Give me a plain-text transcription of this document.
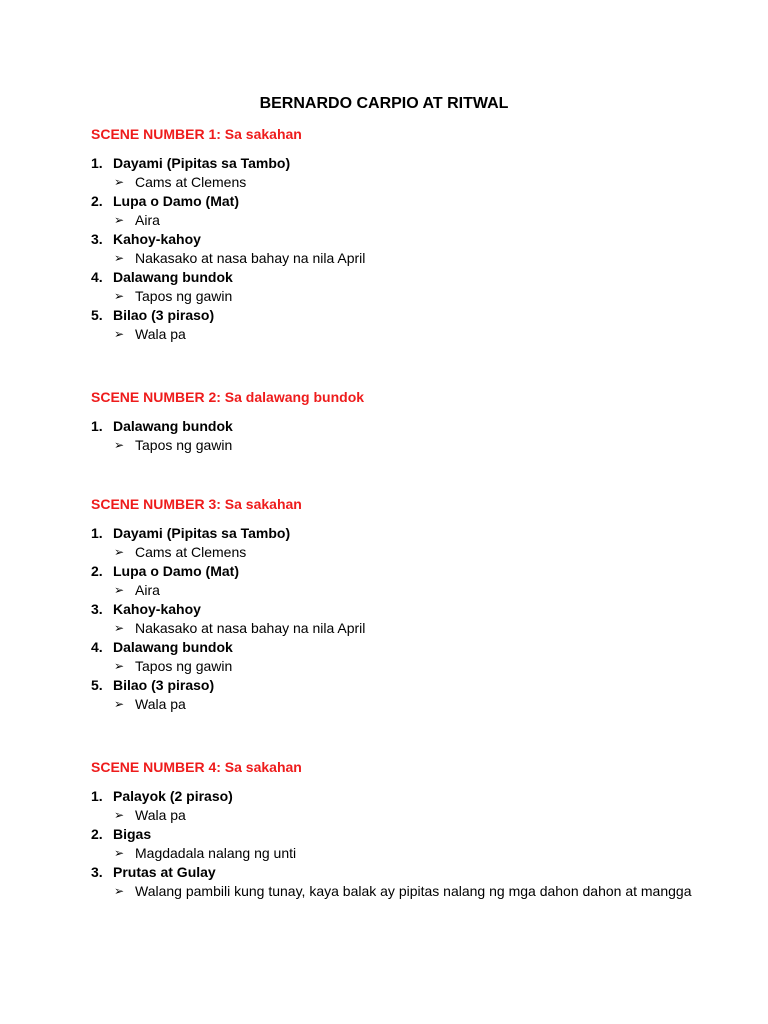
BERNARDO CARPIO AT RITWAL
SCENE NUMBER 1: Sa sakahan
1. Dayami (Pipitas sa Tambo)
➢ Cams at Clemens
2. Lupa o Damo (Mat)
➢ Aira
3. Kahoy-kahoy
➢ Nakasako at nasa bahay na nila April
4. Dalawang bundok
➢ Tapos ng gawin
5. Bilao (3 piraso)
➢ Wala pa
SCENE NUMBER 2: Sa dalawang bundok
1. Dalawang bundok
➢ Tapos ng gawin
SCENE NUMBER 3: Sa sakahan
1. Dayami (Pipitas sa Tambo)
➢ Cams at Clemens
2. Lupa o Damo (Mat)
➢ Aira
3. Kahoy-kahoy
➢ Nakasako at nasa bahay na nila April
4. Dalawang bundok
➢ Tapos ng gawin
5. Bilao (3 piraso)
➢ Wala pa
SCENE NUMBER 4: Sa sakahan
1. Palayok (2 piraso)
➢ Wala pa
2. Bigas
➢ Magdadala nalang ng unti
3. Prutas at Gulay
➢ Walang pambili kung tunay, kaya balak ay pipitas nalang ng mga dahon dahon at mangga
